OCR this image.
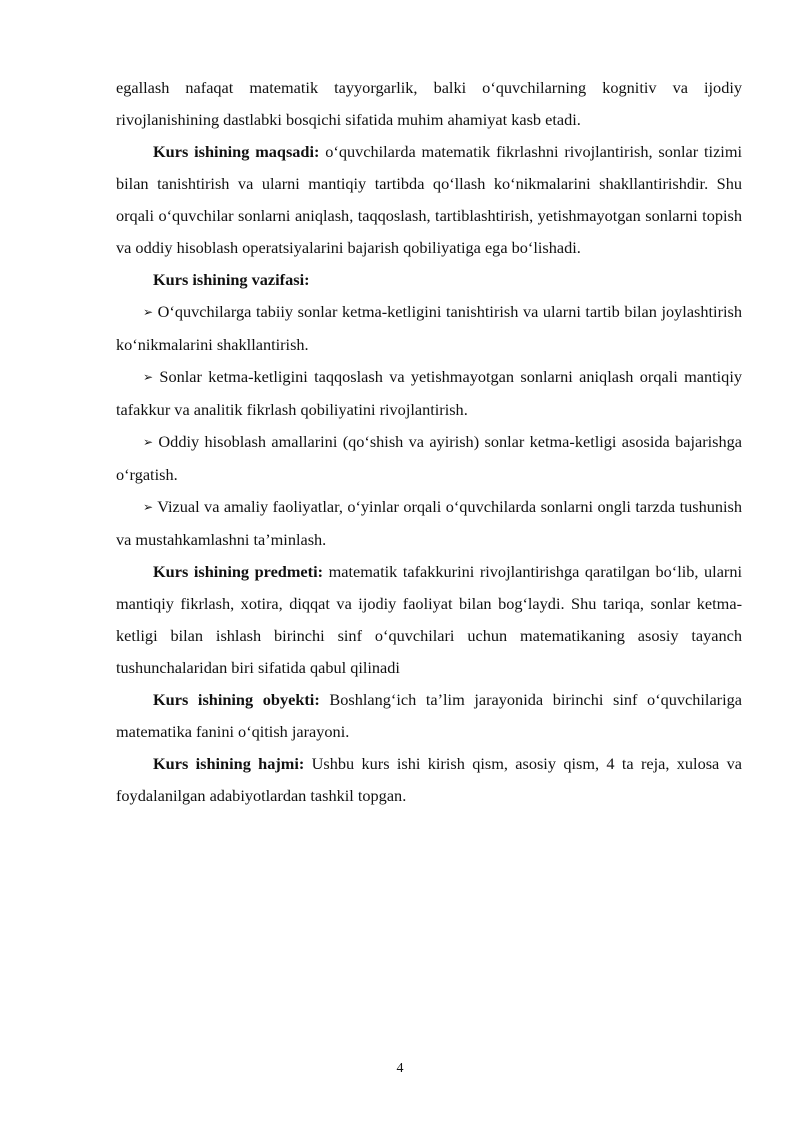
egallash nafaqat matematik tayyorgarlik, balki o‘quvchilarning kognitiv va ijodiy rivojlanishining dastlabki bosqichi sifatida muhim ahamiyat kasb etadi.

Kurs ishining maqsadi: o‘quvchilarda matematik fikrlashni rivojlantirish, sonlar tizimi bilan tanishtirish va ularni mantiqiy tartibda qo‘llash ko‘nikmalarini shakllantirishdir. Shu orqali o‘quvchilar sonlarni aniqlash, taqqoslash, tartiblashtirish, yetishmayotgan sonlarni topish va oddiy hisoblash operatsiyalarini bajarish qobiliyatiga ega bo‘lishadi.

Kurs ishining vazifasi:

➢ O‘quvchilarga tabiiy sonlar ketma-ketligini tanishtirish va ularni tartib bilan joylashtirish ko‘nikmalarini shakllantirish.

➢ Sonlar ketma-ketligini taqqoslash va yetishmayotgan sonlarni aniqlash orqali mantiqiy tafakkur va analitik fikrlash qobiliyatini rivojlantirish.

➢ Oddiy hisoblash amallarini (qo‘shish va ayirish) sonlar ketma-ketligi asosida bajarishga o‘rgatish.

➢ Vizual va amaliy faoliyatlar, o‘yinlar orqali o‘quvchilarda sonlarni ongli tarzda tushunish va mustahkamlashni ta’minlash.

Kurs ishining predmeti: matematik tafakkurini rivojlantirishga qaratilgan bo‘lib, ularni mantiqiy fikrlash, xotira, diqqat va ijodiy faoliyat bilan bog‘laydi. Shu tariqa, sonlar ketma-ketligi bilan ishlash birinchi sinf o‘quvchilari uchun matematikaning asosiy tayanch tushunchalaridan biri sifatida qabul qilinadi

Kurs ishining obyekti: Boshlang‘ich ta’lim jarayonida birinchi sinf o‘quvchilariga matematika fanini o‘qitish jarayoni.

Kurs ishining hajmi: Ushbu kurs ishi kirish qism, asosiy qism, 4 ta reja, xulosa va foydalanilgan adabiyotlardan tashkil topgan.

4
